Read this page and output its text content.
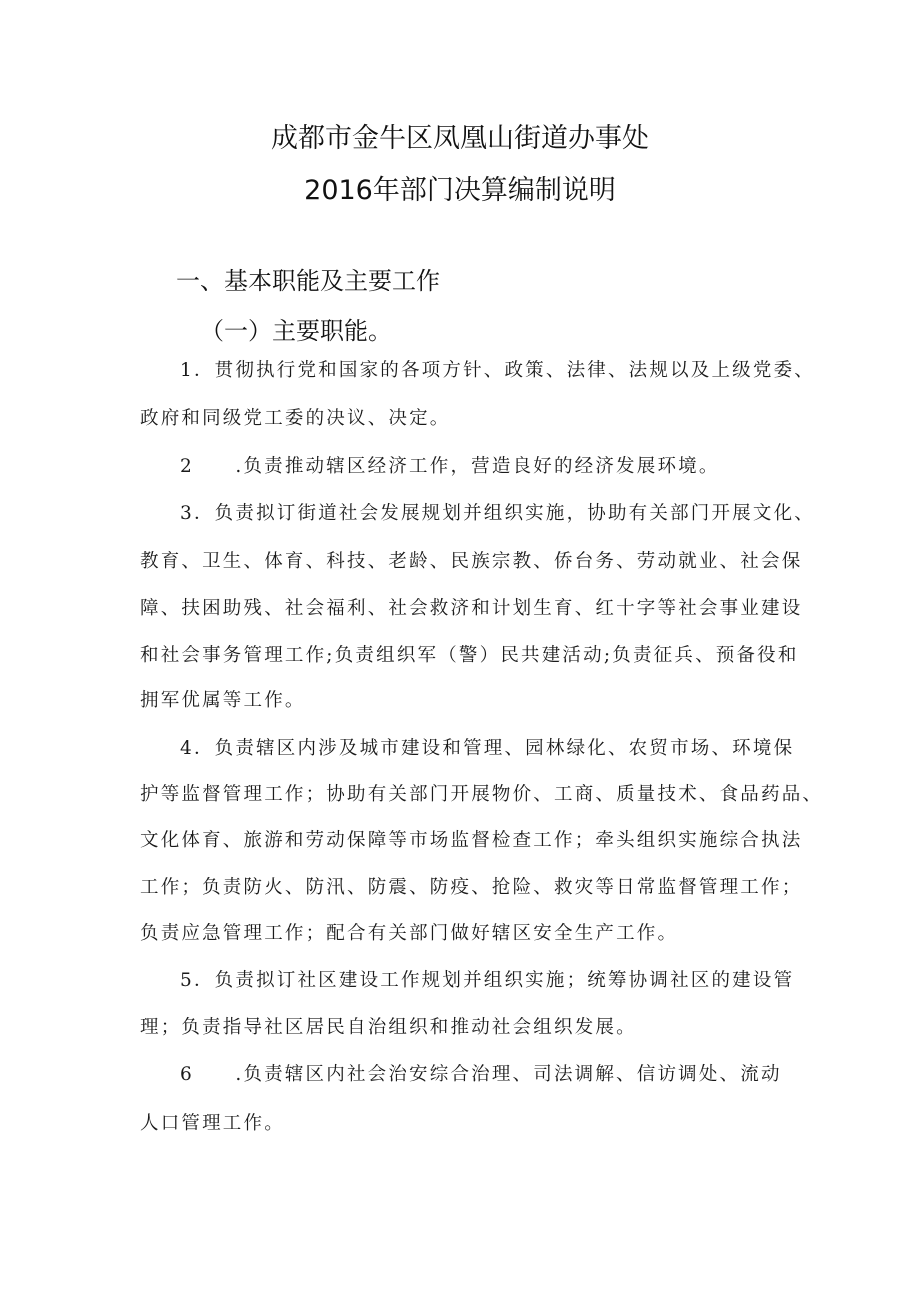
成都市金牛区凤凰山街道办事处
2016年部门决算编制说明
一、基本职能及主要工作
（一）主要职能。
1．贯彻执行党和国家的各项方针、政策、法律、法规以及上级党委、
政府和同级党工委的决议、决定。
2　　.负责推动辖区经济工作，营造良好的经济发展环境。
3．负责拟订街道社会发展规划并组织实施，协助有关部门开展文化、
教育、卫生、体育、科技、老龄、民族宗教、侨台务、劳动就业、社会保
障、扶困助残、社会福利、社会救济和计划生育、红十字等社会事业建设
和社会事务管理工作;负责组织军（警）民共建活动;负责征兵、预备役和
拥军优属等工作。
4．负责辖区内涉及城市建设和管理、园林绿化、农贸市场、环境保
护等监督管理工作；协助有关部门开展物价、工商、质量技术、食品药品、
文化体育、旅游和劳动保障等市场监督检查工作；牵头组织实施综合执法
工作；负责防火、防汛、防震、防疫、抢险、救灾等日常监督管理工作；
负责应急管理工作；配合有关部门做好辖区安全生产工作。
5．负责拟订社区建设工作规划并组织实施；统筹协调社区的建设管
理；负责指导社区居民自治组织和推动社会组织发展。
6　　.负责辖区内社会治安综合治理、司法调解、信访调处、流动
人口管理工作。
